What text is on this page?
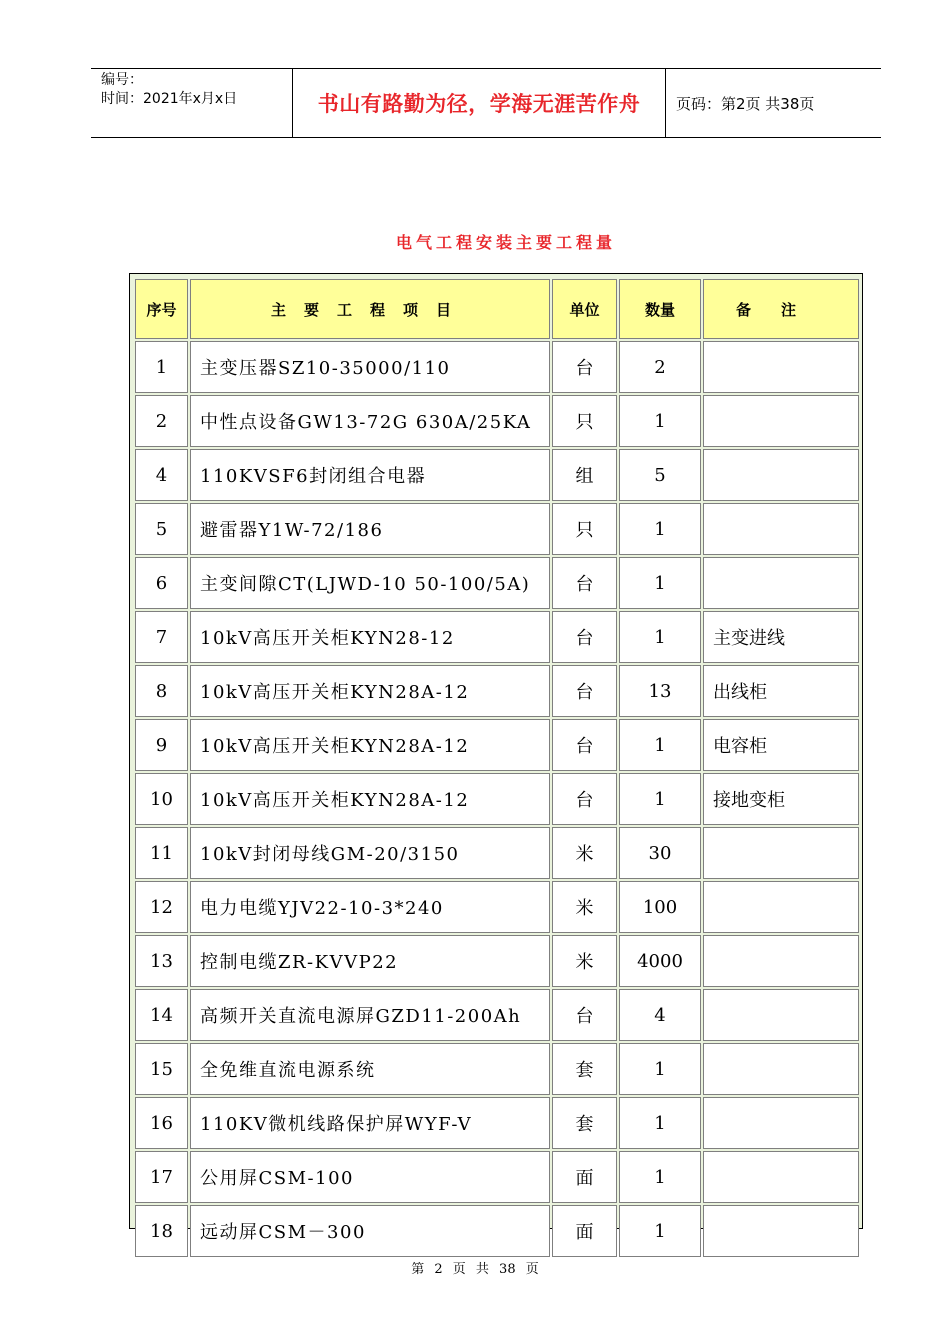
编号：
时间：2021年x月x日	书山有路勤为径，学海无涯苦作舟 页码：第2页 共38页
电气工程安装主要工程量
序号	主要工程项目	单位	数量	备注
1	主变压器SZ10-35000/110	台	2	
2	中性点设备GW13-72G 630A/25KA	只	1	
4	110KVSF6封闭组合电器	组	5	
5	避雷器Y1W-72/186	只	1	
6	主变间隙CT(LJWD-10 50-100/5A)	台	1	
7	10kV高压开关柜KYN28-12	台	1	主变进线
8	10kV高压开关柜KYN28A-12	台	13	出线柜
9	10kV高压开关柜KYN28A-12	台	1	电容柜
10	10kV高压开关柜KYN28A-12	台	1	接地变柜
11	10kV封闭母线GM-20/3150	米	30	
12	电力电缆YJV22-10-3*240	米	100	
13	控制电缆ZR-KVVP22	米	4000	
14	高频开关直流电源屏GZD11-200Ah	台	4	
15	全免维直流电源系统	套	1	
16	110KV微机线路保护屏WYF-V	套	1	
17	公用屏CSM-100	面	1	
18	远动屏CSM－300	面	1	
第 2 页 共 38 页
